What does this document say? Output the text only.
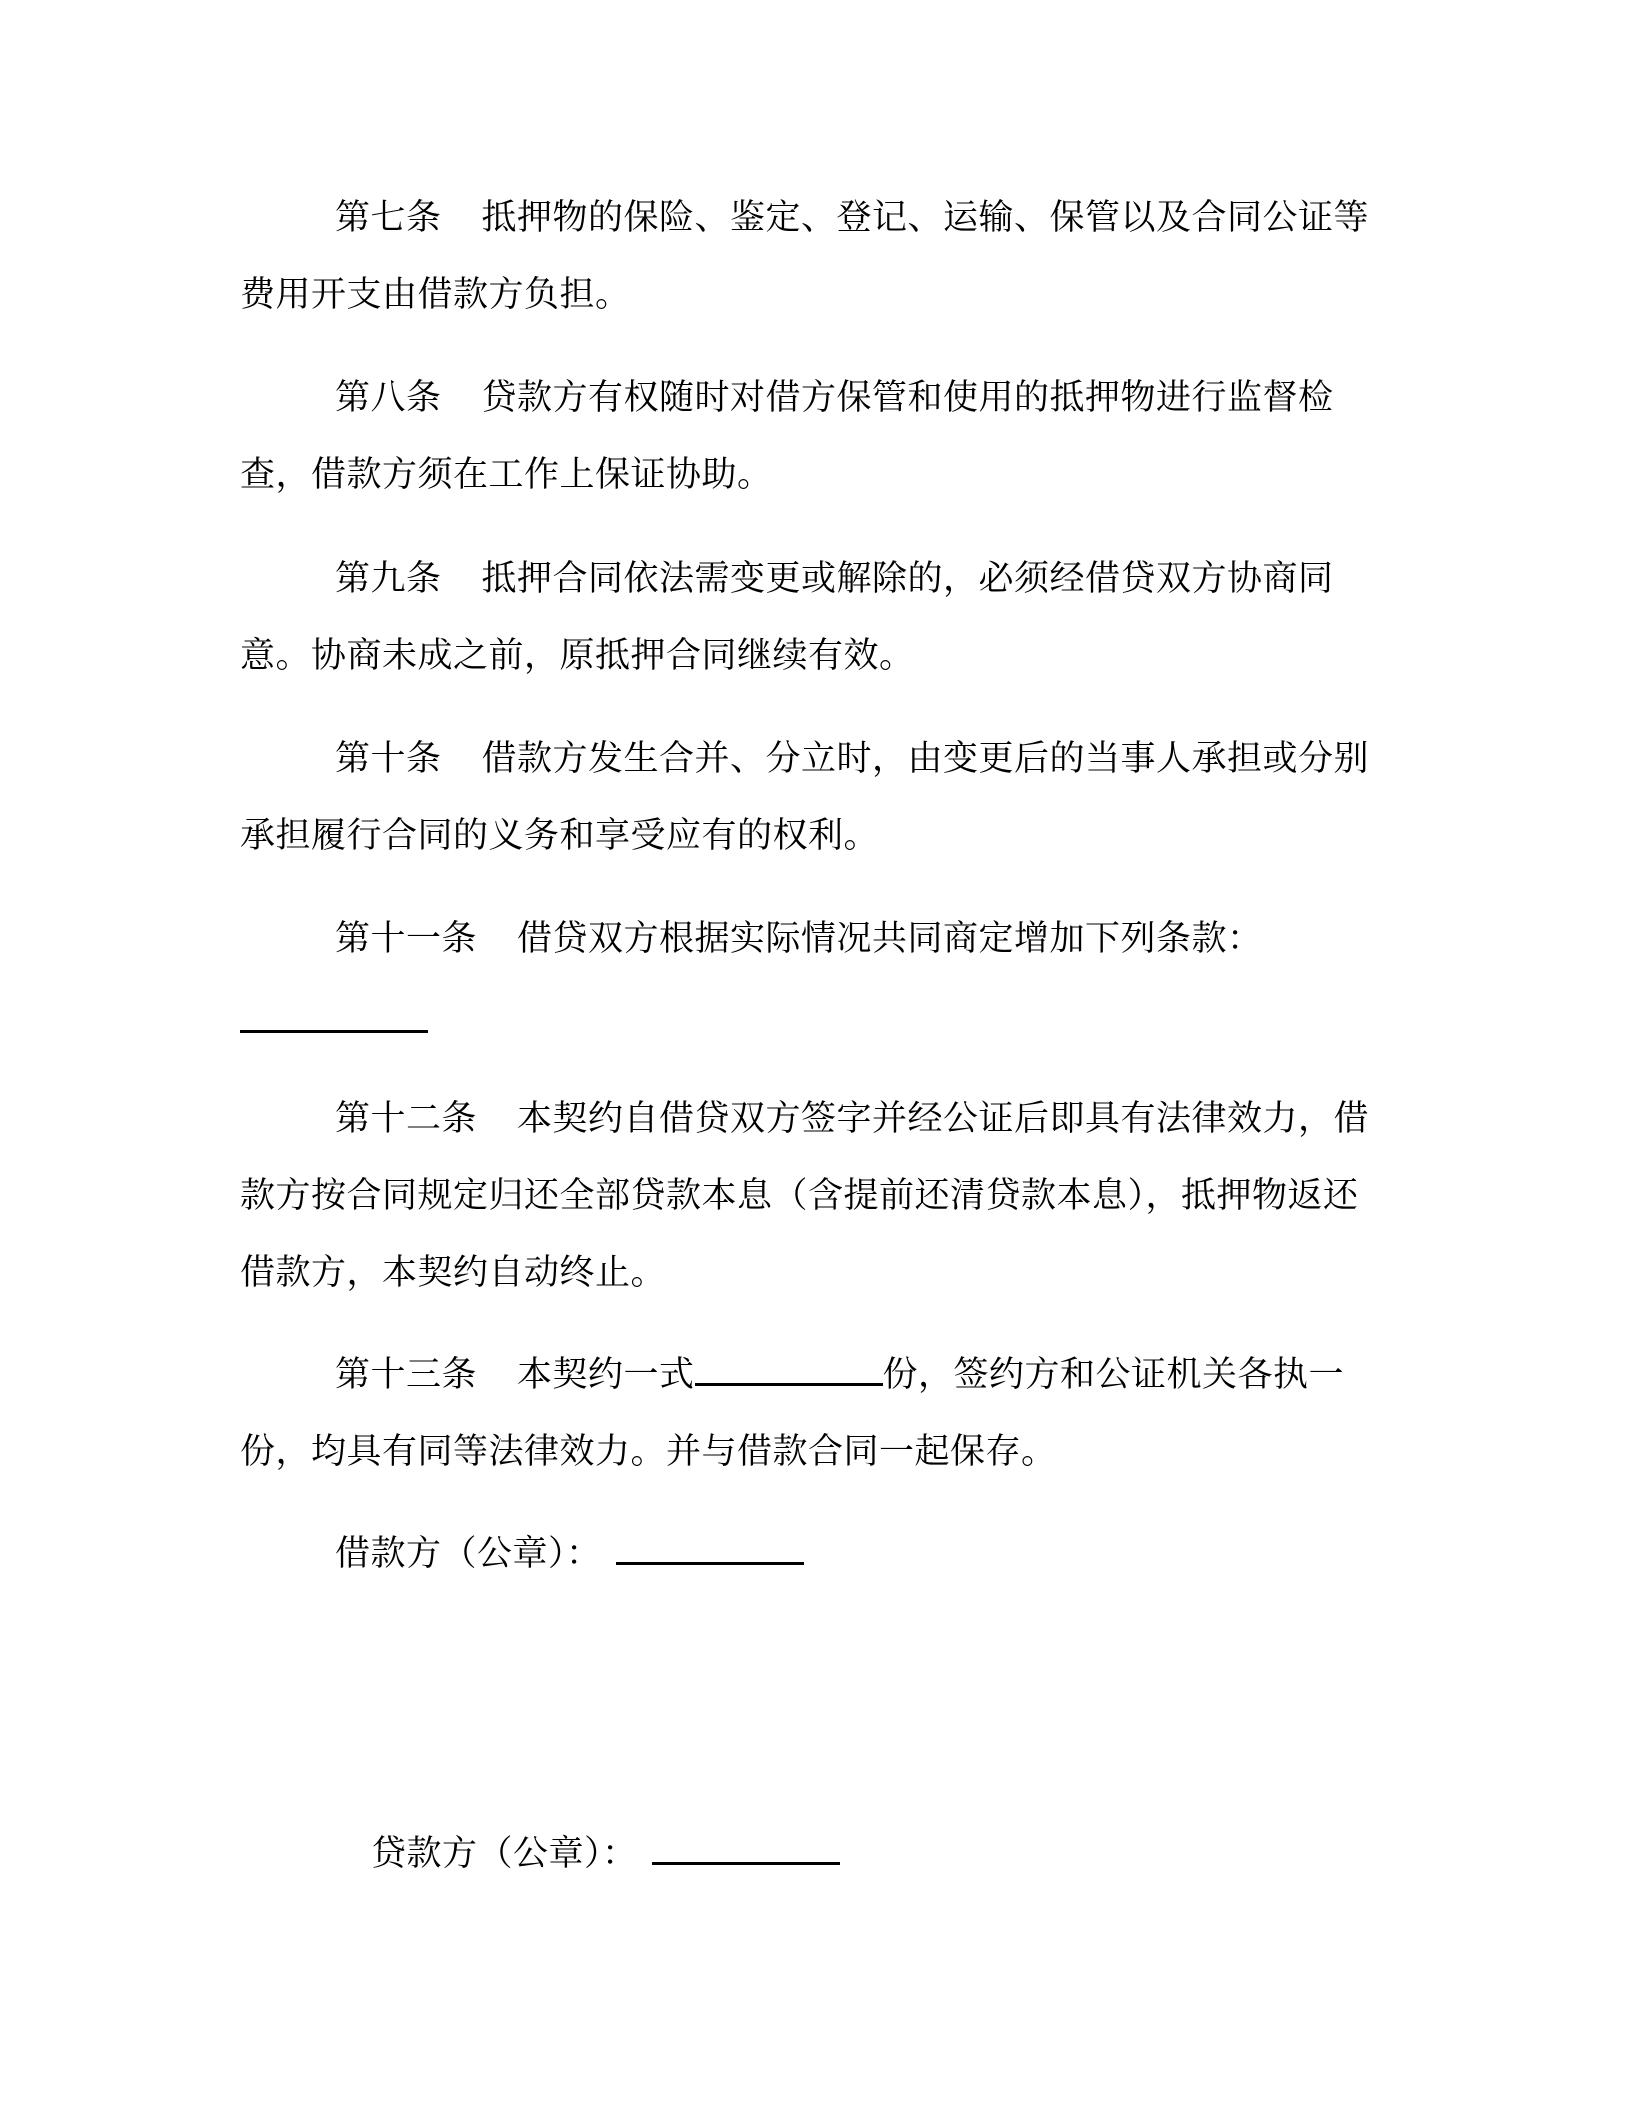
第七条 抵押物的保险、鉴定、登记、运输、保管以及合同公证等费用开支由借款方负担。

第八条 贷款方有权随时对借方保管和使用的抵押物进行监督检查，借款方须在工作上保证协助。

第九条 抵押合同依法需变更或解除的，必须经借贷双方协商同意。协商未成之前，原抵押合同继续有效。

第十条 借款方发生合并、分立时，由变更后的当事人承担或分别承担履行合同的义务和享受应有的权利。

第十一条 借贷双方根据实际情况共同商定增加下列条款：

第十二条 本契约自借贷双方签字并经公证后即具有法律效力，借款方按合同规定归还全部贷款本息（含提前还清贷款本息），抵押物返还借款方，本契约自动终止。

第十三条 本契约一式	份，签约方和公证机关各执一份，均具有同等法律效力。并与借款合同一起保存。

借款方（公章）：
贷款方（公章）：
